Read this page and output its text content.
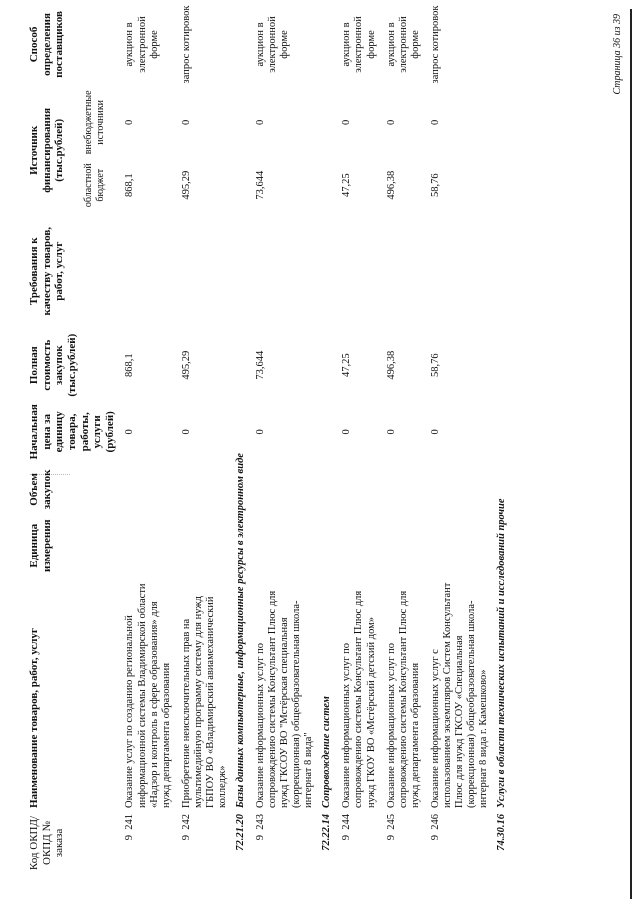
Код ОКПД/ ОКПД № заказа	Наименование товаров, работ, услуг	Единица измерения	Объем закупок	Начальная цена за единицу товара, работы, услуги (рублей)	Полная стоимость закупок (тыс.рублей)	Требования к качеству товаров, работ, услуг	Источник финансирования (тыс.рублей)		Способ определения поставщиков
							областной бюджет	внебюджетные источники	
9  241	Оказание услуг по созданию региональной информационной системы Владимирской области «Надзор и контроль в сфере образования» для нужд департамента образования			0	868,1		868,1	0	аукцион в электронной форме
9  242	Приобретение неисключительных прав на мультимедийную программу систему для нужд ГБПОУ ВО «Владимирский авиамеханический колледж»			0	495,29		495,29	0	запрос котировок
72.21.20	Базы данных компьютерные, информационные ресурсы в электронном виде								
9  243	Оказание информационных услуг по сопровождению системы Консультант Плюс для нужд ГКСОУ ВО "Мстёрская специальная (коррекционная) общеобразовательная школа-интернат 8 вида"			0	73,644		73,644	0	аукцион в электронной форме
72.22.14	Сопровождение систем								
9  244	Оказание информационных услуг по сопровождению системы Консультант Плюс для нужд ГКОУ ВО «Мстёрский детский дом»			0	47,25		47,25	0	аукцион в электронной форме
9  245	Оказание информационных услуг по сопровождению системы Консультант Плюс для нужд департамента образования			0	496,38		496,38	0	аукцион в электронной форме
9  246	Оказание информационных услуг с использованием экземпляров Систем Консультант Плюс для нужд ГКСОУ «Специальная (коррекционная) общеобразовательная школа-интернат 8 вида г. Камешково»			0	58,76		58,76	0	запрос котировок
74.30.16	Услуги в области технических испытаний и исследований прочие								
Страница 36 из 39
